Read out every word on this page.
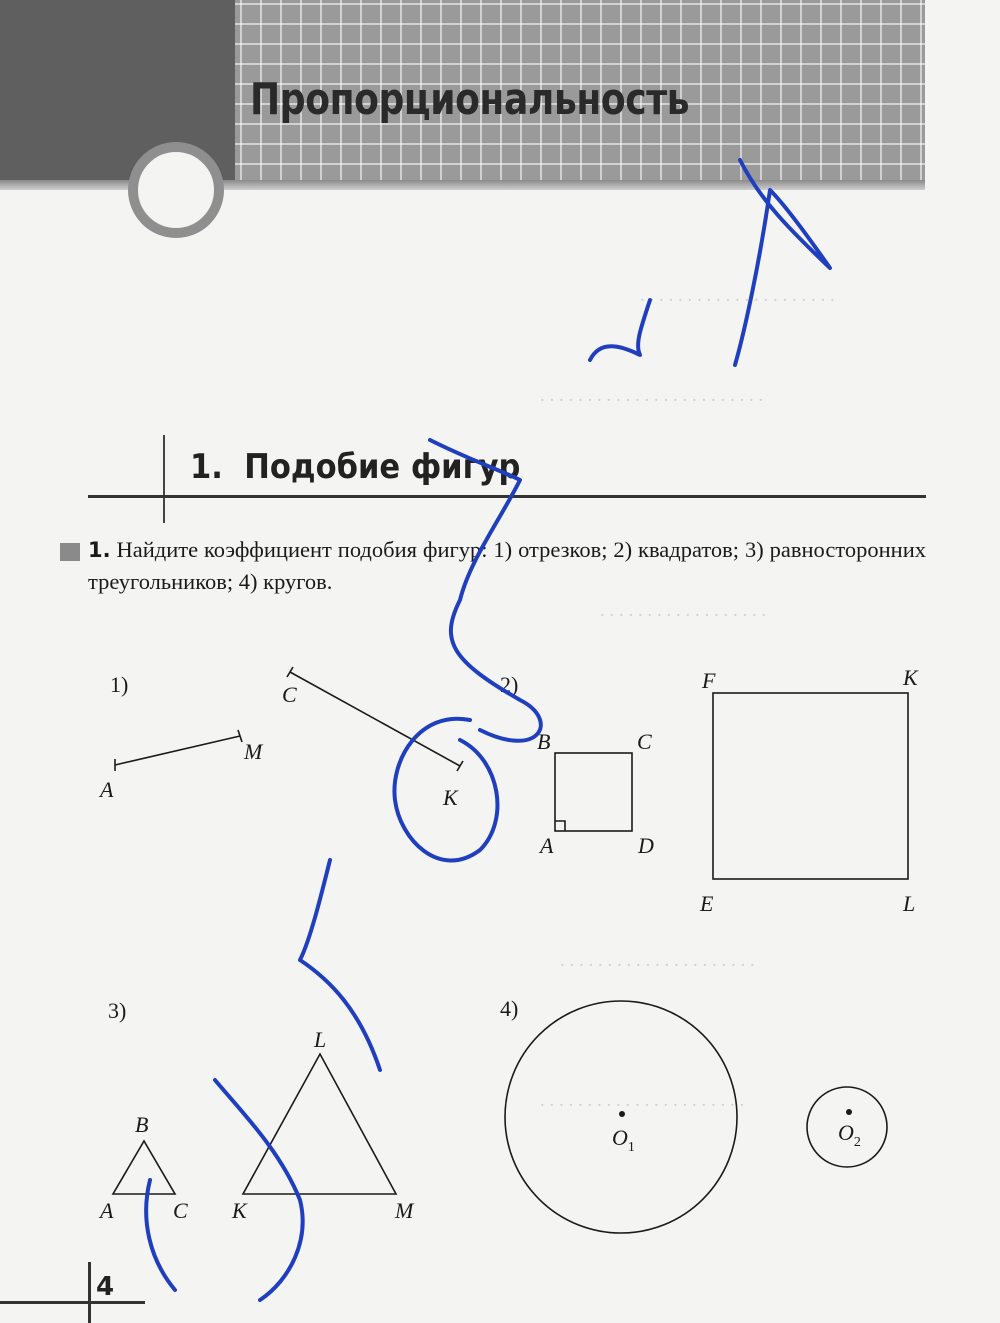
. . . . . . . . . . . . . . . . . . . . .
. . . . . . . . . . . . . . . . . . . . . . . .
. . . . . . . . . . . . . . . . . .
. . . . . . . . . . . . . . . . . . . . .
. . . . . . . . . . . . . . . . . . . . . .
Пропорциональность
1. Подобие фигур
1. Найдите коэффициент подобия фигур: 1) отрезков; 2) квадратов; 3) равносторонних треугольников; 4) кругов.
1)	2)
3)	4)
A
M
C
K
B	C
A	D
F	K
E	L
B
A	C
L
K	M
$O_1$
$O_2$
4
